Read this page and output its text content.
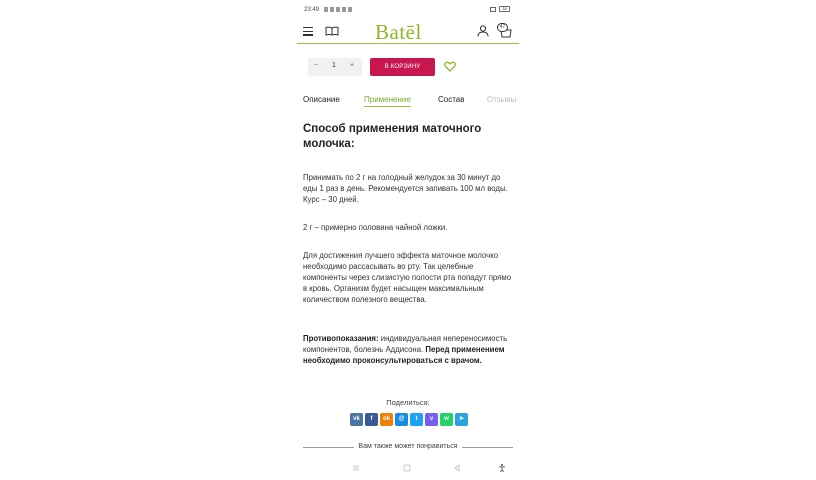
23:49	38
Batēl	47
− 1 +	В КОРЗИНУ
Описание	Применение	Состав	Отзывы
Способ применения маточного молочка:

Принимать по 2 г на голодный желудок за 30 минут до еды 1 раз в день. Рекомендуется запивать 100 мл воды. Курс – 30 дней.

2 г – примерно половина чайной ложки.

Для достижения лучшего эффекта маточное молочко необходимо рассасывать во рту. Так целебные компоненты через слизистую полости рта попадут прямо в кровь. Организм будет насыщен максимальным количеством полезного вещества.

Противопоказания: индивидуальная непереносимость компонентов, болезнь Аддисона. Перед применением необходимо проконсультироваться с врачом.

Поделиться:
vk	f	ok	@	t	v	w	➤
Вам также может понравиться
